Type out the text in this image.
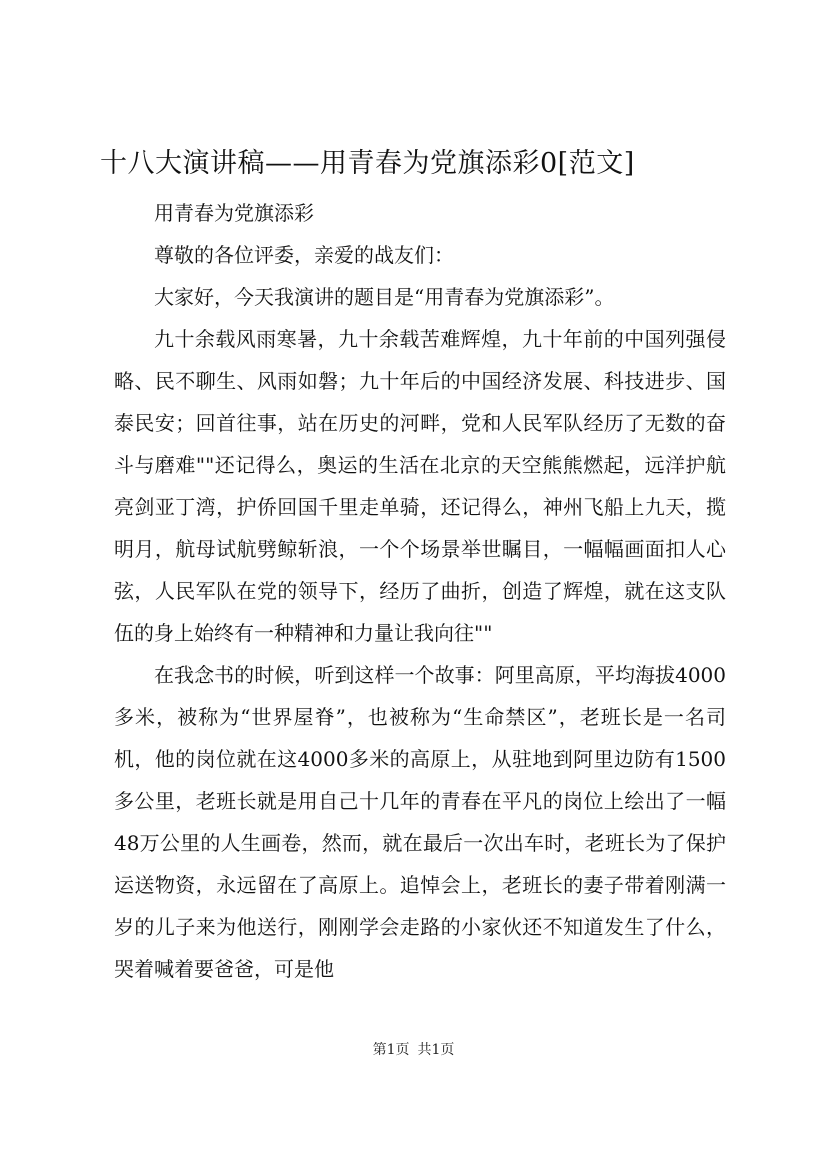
十八大演讲稿——用青春为党旗添彩0[范文]

用青春为党旗添彩

尊敬的各位评委，亲爱的战友们：

大家好，今天我演讲的题目是“用青春为党旗添彩”。

九十余载风雨寒暑，九十余载苦难辉煌，九十年前的中国列强侵略、民不聊生、风雨如磐；九十年后的中国经济发展、科技进步、国泰民安；回首往事，站在历史的河畔，党和人民军队经历了无数的奋斗与磨难""还记得么，奥运的生活在北京的天空熊熊燃起，远洋护航亮剑亚丁湾，护侨回国千里走单骑，还记得么，神州飞船上九天，揽明月，航母试航劈鲸斩浪，一个个场景举世瞩目，一幅幅画面扣人心弦，人民军队在党的领导下，经历了曲折，创造了辉煌，就在这支队伍的身上始终有一种精神和力量让我向往""

在我念书的时候，听到这样一个故事：阿里高原，平均海拔4000多米，被称为“世界屋脊”，也被称为“生命禁区”，老班长是一名司机，他的岗位就在这4000多米的高原上，从驻地到阿里边防有1500多公里，老班长就是用自己十几年的青春在平凡的岗位上绘出了一幅48万公里的人生画卷，然而，就在最后一次出车时，老班长为了保护运送物资，永远留在了高原上。追悼会上，老班长的妻子带着刚满一岁的儿子来为他送行，刚刚学会走路的小家伙还不知道发生了什么，哭着喊着要爸爸，可是他

第1页 共1页
